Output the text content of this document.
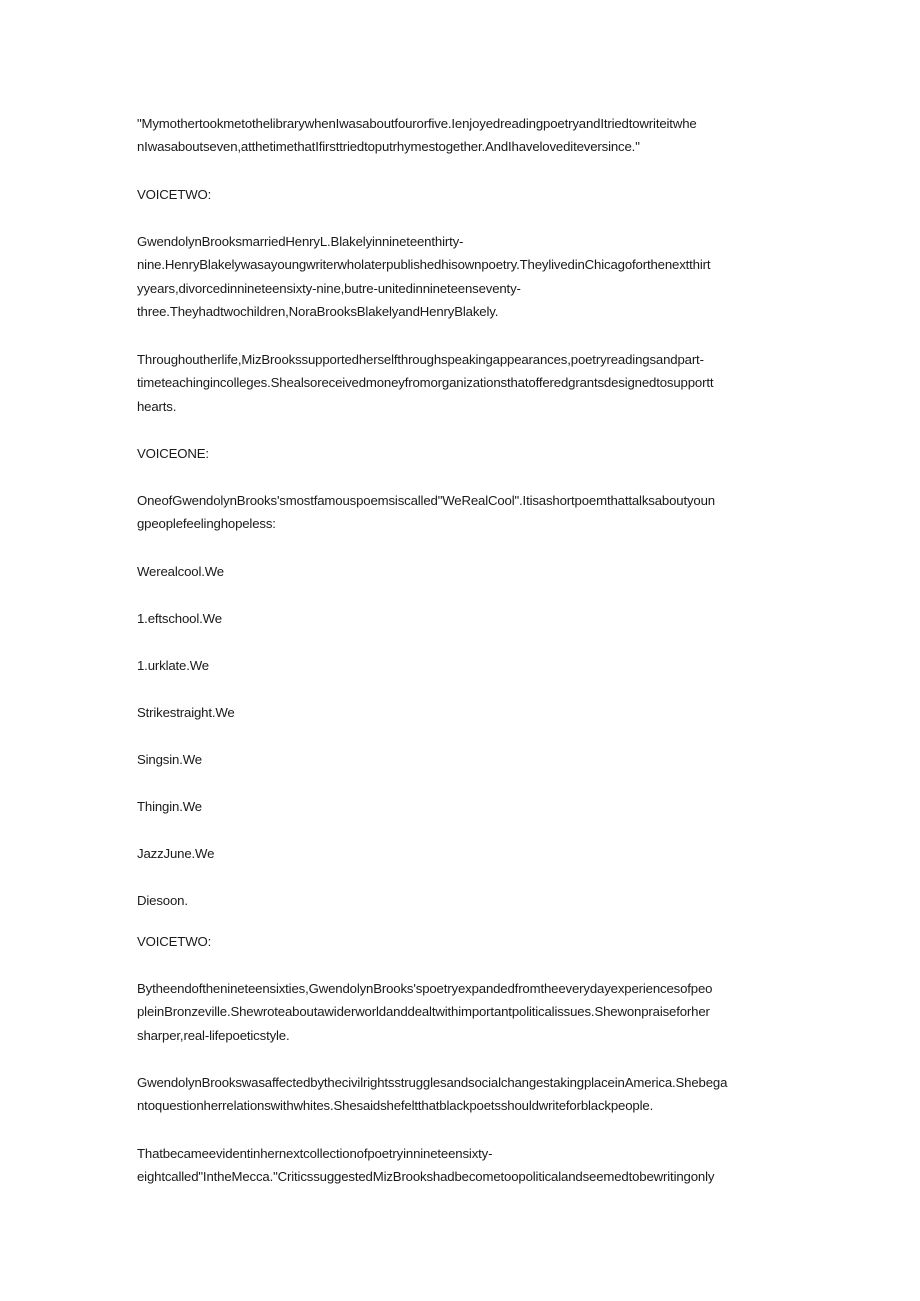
"MymothertookmetothelibrarywhenIwasaboutfourorfive.IenjoyedreadingpoetryandItriedtowriteitwhe
nIwasaboutseven,atthetimethatIfirsttriedtoputrhymestogether.AndIhavelovediteversince."

VOICETWO:

GwendolynBrooksmarriedHenryL.Blakelyinnineteenthirty-
nine.HenryBlakelywasayoungwriterwholaterpublishedhisownpoetry.TheylivedinChicagoforthenextthirt
yyears,divorcedinnineteensixty-nine,butre-unitedinnineteenseventy-
three.Theyhadtwochildren,NoraBrooksBlakelyandHenryBlakely.

Throughoutherlife,MizBrookssupportedherselfthroughspeakingappearances,poetryreadingsandpart-
timeteachingincolleges.Shealsoreceivedmoneyfromorganizationsthatofferedgrantsdesignedtosupportt
hearts.

VOICEONE:

OneofGwendolynBrooks'smostfamouspoemsiscalled"WeRealCool".Itisashortpoemthattalksaboutyoun
gpeoplefeelinghopeless:

Werealcool.We

1.eftschool.We

1.urklate.We

Strikestraight.We

Singsin.We

Thingin.We

JazzJune.We

Diesoon.

VOICETWO:

Bytheendofthenineteensixties,GwendolynBrooks'spoetryexpandedfromtheeverydayexperiencesofpeo
pleinBronzeville.Shewroteaboutawiderworldanddealtwithimportantpoliticalissues.Shewonpraiseforher
sharper,real-lifepoeticstyle.

GwendolynBrookswasaffectedbythecivilrightsstrugglesandsocialchangestakingplaceinAmerica.Shebega
ntoquestionherrelationswithwhites.Shesaidshefeltthatblackpoetsshouldwriteforblackpeople.

Thatbecameevidentinhernextcollectionofpoetryinnineteensixty-
eightcalled"IntheMecca."CriticssuggestedMizBrookshadbecometoopoliticalandseemedtobewritingonly
